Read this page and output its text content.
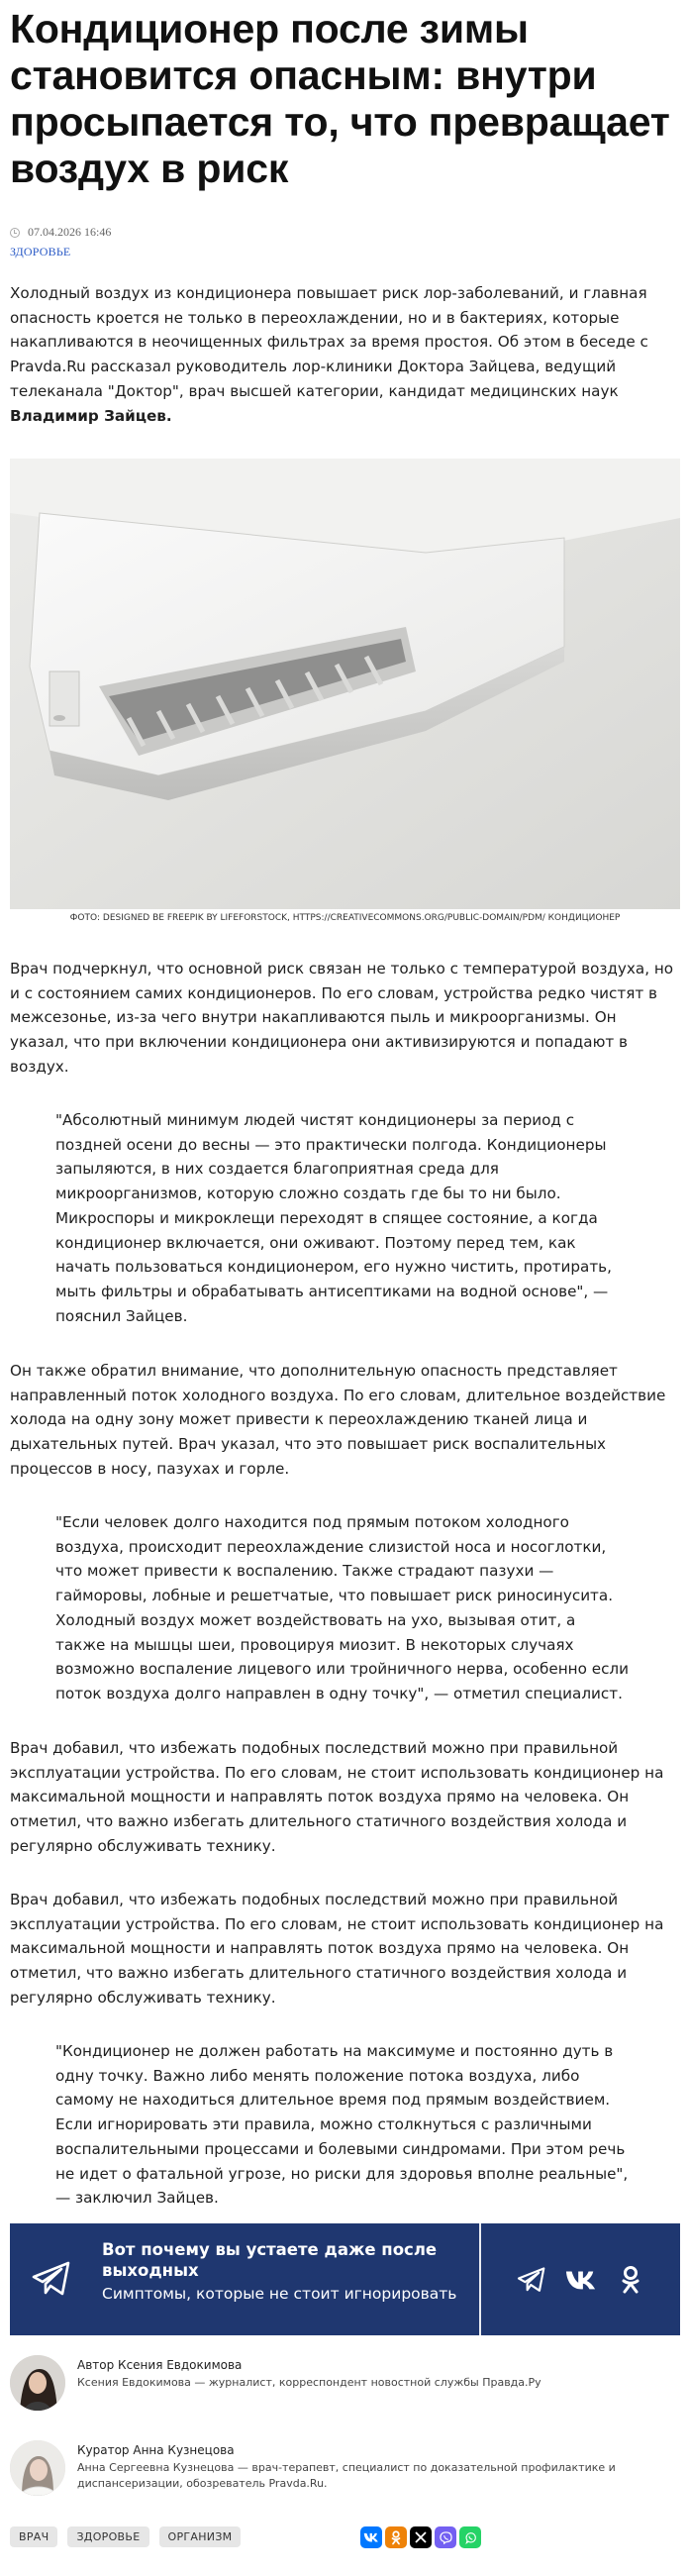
Кондиционер после зимы становится опасным: внутри просыпается то, что превращает воздух в риск
07.04.2026 16:46
ЗДОРОВЬЕ

Холодный воздух из кондиционера повышает риск лор-заболеваний, и главная опасность кроется не только в переохлаждении, но и в бактериях, которые накапливаются в неочищенных фильтрах за время простоя. Об этом в беседе с Pravda.Ru рассказал руководитель лор-клиники Доктора Зайцева, ведущий телеканала "Доктор", врач высшей категории, кандидат медицинских наук Владимир Зайцев.

ФОТО: DESIGNED BE FREEPIK BY LIFEFORSTOCK, HTTPS://CREATIVECOMMONS.ORG/PUBLIC-DOMAIN/PDM/ КОНДИЦИОНЕР

Врач подчеркнул, что основной риск связан не только с температурой воздуха, но и с состоянием самих кондиционеров. По его словам, устройства редко чистят в межсезонье, из-за чего внутри накапливаются пыль и микроорганизмы. Он указал, что при включении кондиционера они активизируются и попадают в воздух.

"Абсолютный минимум людей чистят кондиционеры за период с поздней осени до весны — это практически полгода. Кондиционеры запыляются, в них создается благоприятная среда для микроорганизмов, которую сложно создать где бы то ни было. Микроспоры и микроклещи переходят в спящее состояние, а когда кондиционер включается, они оживают. Поэтому перед тем, как начать пользоваться кондиционером, его нужно чистить, протирать, мыть фильтры и обрабатывать антисептиками на водной основе", — пояснил Зайцев.

Он также обратил внимание, что дополнительную опасность представляет направленный поток холодного воздуха. По его словам, длительное воздействие холода на одну зону может привести к переохлаждению тканей лица и дыхательных путей. Врач указал, что это повышает риск воспалительных процессов в носу, пазухах и горле.

"Если человек долго находится под прямым потоком холодного воздуха, происходит переохлаждение слизистой носа и носоглотки, что может привести к воспалению. Также страдают пазухи — гайморовы, лобные и решетчатые, что повышает риск риносинусита. Холодный воздух может воздействовать на ухо, вызывая отит, а также на мышцы шеи, провоцируя миозит. В некоторых случаях возможно воспаление лицевого или тройничного нерва, особенно если поток воздуха долго направлен в одну точку", — отметил специалист.

Врач добавил, что избежать подобных последствий можно при правильной эксплуатации устройства. По его словам, не стоит использовать кондиционер на максимальной мощности и направлять поток воздуха прямо на человека. Он отметил, что важно избегать длительного статичного воздействия холода и регулярно обслуживать технику.

Врач добавил, что избежать подобных последствий можно при правильной эксплуатации устройства. По его словам, не стоит использовать кондиционер на максимальной мощности и направлять поток воздуха прямо на человека. Он отметил, что важно избегать длительного статичного воздействия холода и регулярно обслуживать технику.

"Кондиционер не должен работать на максимуме и постоянно дуть в одну точку. Важно либо менять положение потока воздуха, либо самому не находиться длительное время под прямым воздействием. Если игнорировать эти правила, можно столкнуться с различными воспалительными процессами и болевыми синдромами. При этом речь не идет о фатальной угрозе, но риски для здоровья вполне реальные", — заключил Зайцев.

Вот почему вы устаете даже после выходных
Симптомы, которые не стоит игнорировать
Автор Ксения Евдокимова
Ксения Евдокимова — журналист, корреспондент новостной службы Правда.Ру
Куратор Анна Кузнецова
Анна Сергеевна Кузнецова — врач-терапевт, специалист по доказательной профилактике и диспансеризации, обозреватель Pravda.Ru.
ВРАЧ	ЗДОРОВЬЕ	ОРГАНИЗМ
